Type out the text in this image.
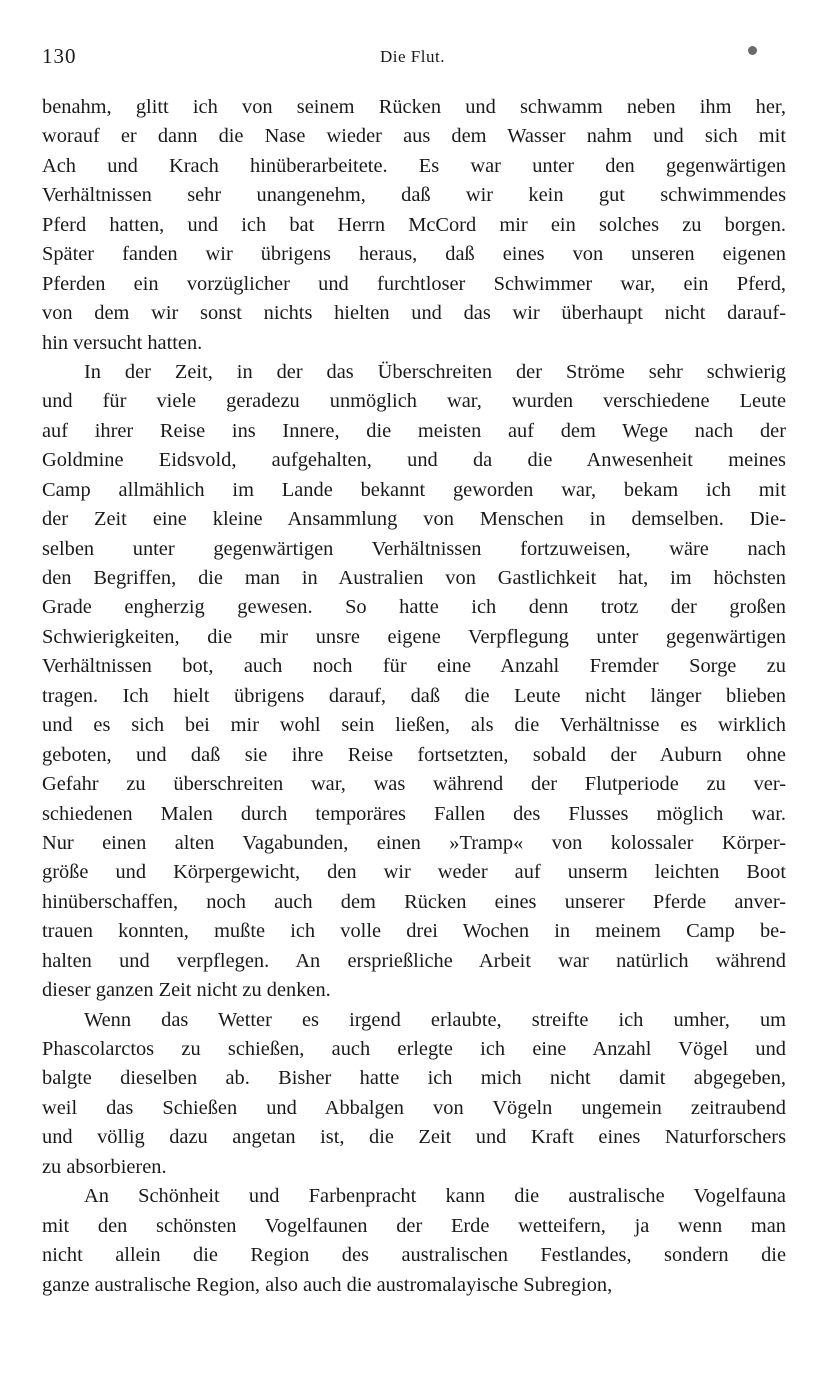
130	Die Flut.
benahm, glitt ich von seinem Rücken und schwamm neben ihm her,
worauf er dann die Nase wieder aus dem Wasser nahm und sich mit
Ach und Krach hinüberarbeitete. Es war unter den gegenwärtigen
Verhältnissen sehr unangenehm, daß wir kein gut schwimmendes
Pferd hatten, und ich bat Herrn McCord mir ein solches zu borgen.
Später fanden wir übrigens heraus, daß eines von unseren eigenen
Pferden ein vorzüglicher und furchtloser Schwimmer war, ein Pferd,
von dem wir sonst nichts hielten und das wir überhaupt nicht darauf-
hin versucht hatten.
In der Zeit, in der das Überschreiten der Ströme sehr schwierig
und für viele geradezu unmöglich war, wurden verschiedene Leute
auf ihrer Reise ins Innere, die meisten auf dem Wege nach der
Goldmine Eidsvold, aufgehalten, und da die Anwesenheit meines
Camp allmählich im Lande bekannt geworden war, bekam ich mit
der Zeit eine kleine Ansammlung von Menschen in demselben. Die-
selben unter gegenwärtigen Verhältnissen fortzuweisen, wäre nach
den Begriffen, die man in Australien von Gastlichkeit hat, im höchsten
Grade engherzig gewesen. So hatte ich denn trotz der großen
Schwierigkeiten, die mir unsre eigene Verpflegung unter gegenwärtigen
Verhältnissen bot, auch noch für eine Anzahl Fremder Sorge zu
tragen. Ich hielt übrigens darauf, daß die Leute nicht länger blieben
und es sich bei mir wohl sein ließen, als die Verhältnisse es wirklich
geboten, und daß sie ihre Reise fortsetzten, sobald der Auburn ohne
Gefahr zu überschreiten war, was während der Flutperiode zu ver-
schiedenen Malen durch temporäres Fallen des Flusses möglich war.
Nur einen alten Vagabunden, einen »Tramp« von kolossaler Körper-
größe und Körpergewicht, den wir weder auf unserm leichten Boot
hinüberschaffen, noch auch dem Rücken eines unserer Pferde anver-
trauen konnten, mußte ich volle drei Wochen in meinem Camp be-
halten und verpflegen. An ersprießliche Arbeit war natürlich während
dieser ganzen Zeit nicht zu denken.
Wenn das Wetter es irgend erlaubte, streifte ich umher, um
Phascolarctos zu schießen, auch erlegte ich eine Anzahl Vögel und
balgte dieselben ab. Bisher hatte ich mich nicht damit abgegeben,
weil das Schießen und Abbalgen von Vögeln ungemein zeitraubend
und völlig dazu angetan ist, die Zeit und Kraft eines Naturforschers
zu absorbieren.
An Schönheit und Farbenpracht kann die australische Vogelfauna
mit den schönsten Vogelfaunen der Erde wetteifern, ja wenn man
nicht allein die Region des australischen Festlandes, sondern die
ganze australische Region, also auch die austromalayische Subregion,
